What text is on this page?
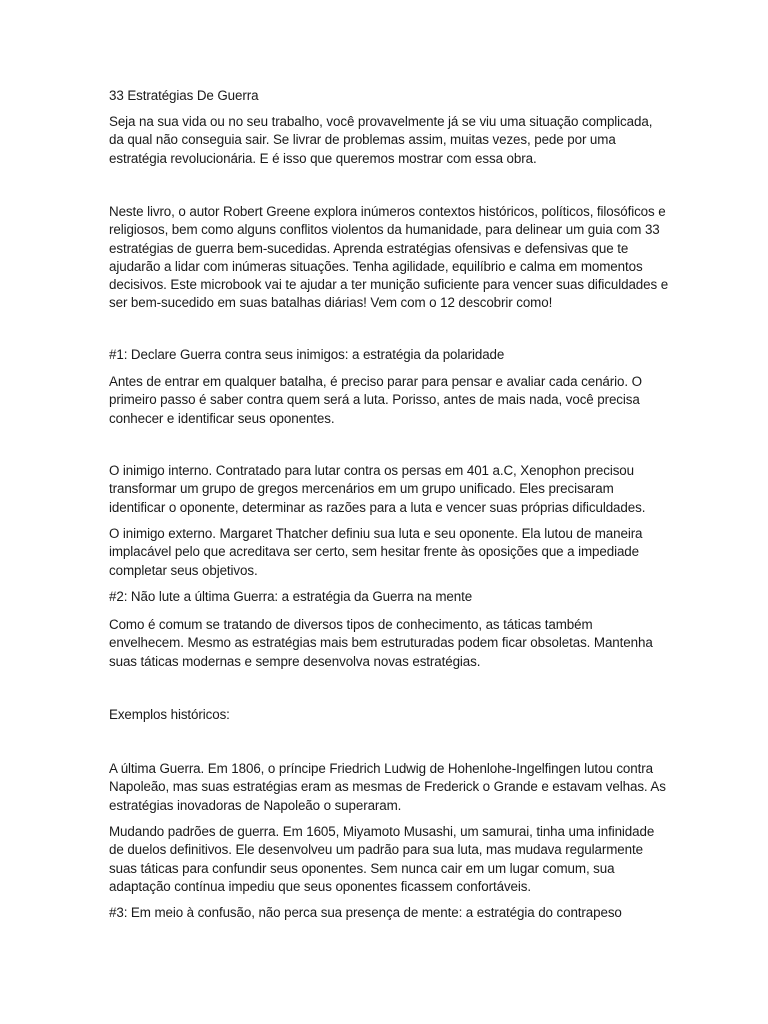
33 Estratégias De Guerra

Seja na sua vida ou no seu trabalho, você provavelmente já se viu uma situação complicada, da qual não conseguia sair. Se livrar de problemas assim, muitas vezes, pede por uma estratégia revolucionária. E é isso que queremos mostrar com essa obra.

Neste livro, o autor Robert Greene explora inúmeros contextos históricos, políticos, filosóficos e religiosos, bem como alguns conflitos violentos da humanidade, para delinear um guia com 33 estratégias de guerra bem-sucedidas. Aprenda estratégias ofensivas e defensivas que te ajudarão a lidar com inúmeras situações. Tenha agilidade, equilíbrio e calma em momentos decisivos. Este microbook vai te ajudar a ter munição suficiente para vencer suas dificuldades e ser bem-sucedido em suas batalhas diárias! Vem com o 12 descobrir como!

#1: Declare Guerra contra seus inimigos: a estratégia da polaridade

Antes de entrar em qualquer batalha, é preciso parar para pensar e avaliar cada cenário. O primeiro passo é saber contra quem será a luta. Porisso, antes de mais nada, você precisa conhecer e identificar seus oponentes.

O inimigo interno. Contratado para lutar contra os persas em 401 a.C, Xenophon precisou transformar um grupo de gregos mercenários em um grupo unificado. Eles precisaram identificar o oponente, determinar as razões para a luta e vencer suas próprias dificuldades.

O inimigo externo. Margaret Thatcher definiu sua luta e seu oponente. Ela lutou de maneira implacável pelo que acreditava ser certo, sem hesitar frente às oposições que a impediade completar seus objetivos.

#2: Não lute a última Guerra: a estratégia da Guerra na mente

Como é comum se tratando de diversos tipos de conhecimento, as táticas também envelhecem. Mesmo as estratégias mais bem estruturadas podem ficar obsoletas. Mantenha suas táticas modernas e sempre desenvolva novas estratégias.

Exemplos históricos:

A última Guerra. Em 1806, o príncipe Friedrich Ludwig de Hohenlohe-Ingelfingen lutou contra Napoleão, mas suas estratégias eram as mesmas de Frederick o Grande e estavam velhas. As estratégias inovadoras de Napoleão o superaram.

Mudando padrões de guerra. Em 1605, Miyamoto Musashi, um samurai, tinha uma infinidade de duelos definitivos. Ele desenvolveu um padrão para sua luta, mas mudava regularmente suas táticas para confundir seus oponentes. Sem nunca cair em um lugar comum, sua adaptação contínua impediu que seus oponentes ficassem confortáveis.

#3: Em meio à confusão, não perca sua presença de mente: a estratégia do contrapeso
